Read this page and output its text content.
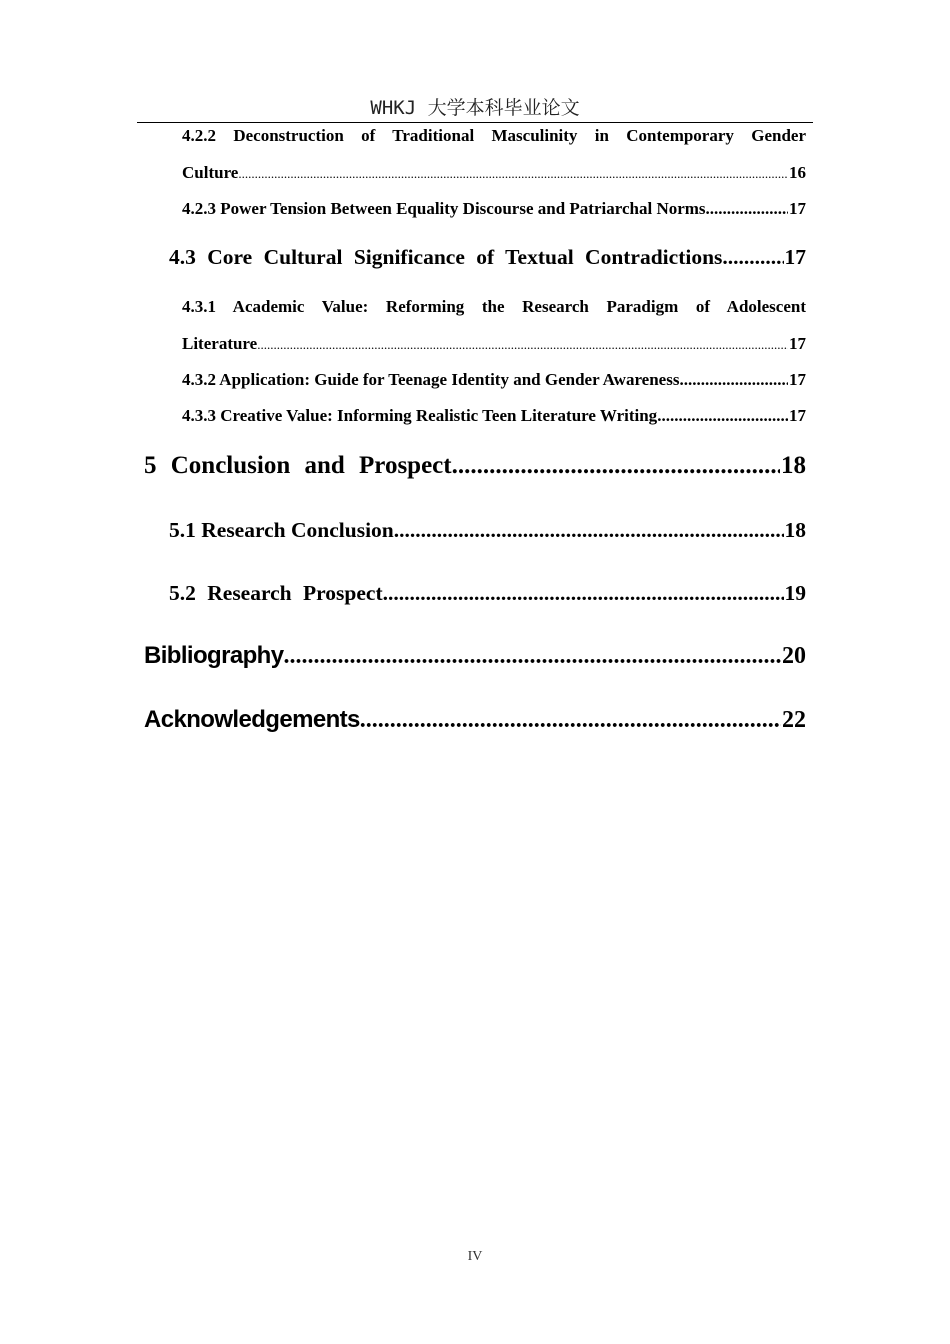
WHKJ 大学本科毕业论文
4.2.2 Deconstruction of Traditional Masculinity in Contemporary Gender
Culture .....	16
4.2.3 Power Tension Between Equality Discourse and Patriarchal Norms .....	17
4.3 Core Cultural Significance of Textual Contradictions .....	17
4.3.1 Academic Value: Reforming the Research Paradigm of Adolescent
Literature .....	17
4.3.2 Application: Guide for Teenage Identity and Gender Awareness .....	17
4.3.3 Creative Value: Informing Realistic Teen Literature Writing .....	17
5 Conclusion and Prospect .....	18
5.1 Research Conclusion .....	18
5.2 Research Prospect .....	19
Bibliography .....	20
Acknowledgements .....	22
IV
